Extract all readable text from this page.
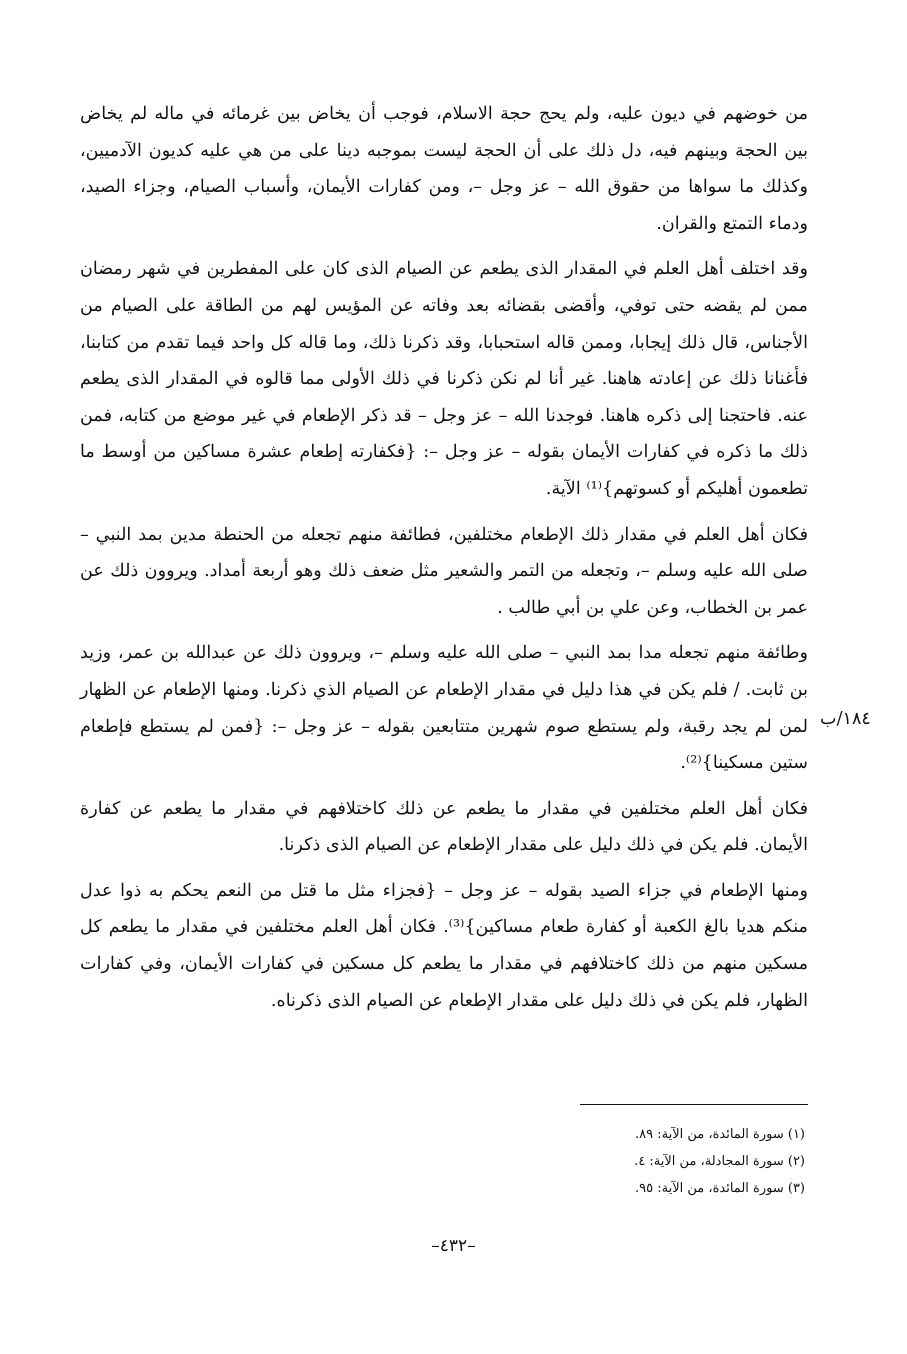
من خوضهم في ديون عليه، ولم يحج حجة الاسلام، فوجب أن يخاض بين غرمائه في ماله لم يخاض بين الحجة وبينهم فيه، دل ذلك على أن الحجة ليست بموجبه دينا على من هي عليه كديون الآدميين، وكذلك ما سواها من حقوق الله – عز وجل –، ومن كفارات الأيمان، وأسباب الصيام، وجزاء الصيد، ودماء التمتع والقران.

وقد اختلف أهل العلم في المقدار الذى يطعم عن الصيام الذى كان على المفطرين في شهر رمضان ممن لم يقضه حتى توفي، وأقضى بقضائه بعد وفاته عن المؤيس لهم من الطاقة على الصيام من الأجناس، قال ذلك إيجابا، وممن قاله استحبابا، وقد ذكرنا ذلك، وما قاله كل واحد فيما تقدم من كتابنا، فأغنانا ذلك عن إعادته هاهنا. غير أنا لم نكن ذكرنا في ذلك الأولى مما قالوه في المقدار الذى يطعم عنه. فاحتجنا إلى ذكره هاهنا. فوجدنا الله – عز وجل – قد ذكر الإطعام في غير موضع من كتابه، فمن ذلك ما ذكره في كفارات الأيمان بقوله – عز وجل –: {فكفارته إطعام عشرة مساكين من أوسط ما تطعمون أهليكم أو كسوتهم}⁽¹⁾ الآية.

فكان أهل العلم في مقدار ذلك الإطعام مختلفين، فطائفة منهم تجعله من الحنطة مدين بمد النبي – صلى الله عليه وسلم –، وتجعله من التمر والشعير مثل ضعف ذلك وهو أربعة أمداد. ويروون ذلك عن عمر بن الخطاب، وعن علي بن أبي طالب .

وطائفة منهم تجعله مدا بمد النبي – صلى الله عليه وسلم –، ويروون ذلك عن عبدالله بن عمر، وزيد بن ثابت. / فلم يكن في هذا دليل في مقدار الإطعام عن الصيام الذي ذكرنا. ومنها الإطعام عن الظهار لمن لم يجد رقبة، ولم يستطع صوم شهرين متتابعين بقوله – عز وجل –: {فمن لم يستطع فإطعام ستين مسكينا}⁽²⁾.

فكان أهل العلم مختلفين في مقدار ما يطعم عن ذلك كاختلافهم في مقدار ما يطعم عن كفارة الأيمان. فلم يكن في ذلك دليل على مقدار الإطعام عن الصيام الذى ذكرنا.

ومنها الإطعام في جزاء الصيد بقوله – عز وجل – {فجزاء مثل ما قتل من النعم يحكم به ذوا عدل منكم هديا بالغ الكعبة أو كفارة طعام مساكين}⁽³⁾. فكان أهل العلم مختلفين في مقدار ما يطعم كل مسكين منهم من ذلك كاختلافهم في مقدار ما يطعم كل مسكين في كفارات الأيمان، وفي كفارات الظهار، فلم يكن في ذلك دليل على مقدار الإطعام عن الصيام الذى ذكرناه.

١٨٤/ب
(١) سورة المائدة، من الآية: ٨٩.
(٢) سورة المجادلة، من الآية: ٤.
(٣) سورة المائدة، من الآية: ٩٥.
–٤٣٢–
